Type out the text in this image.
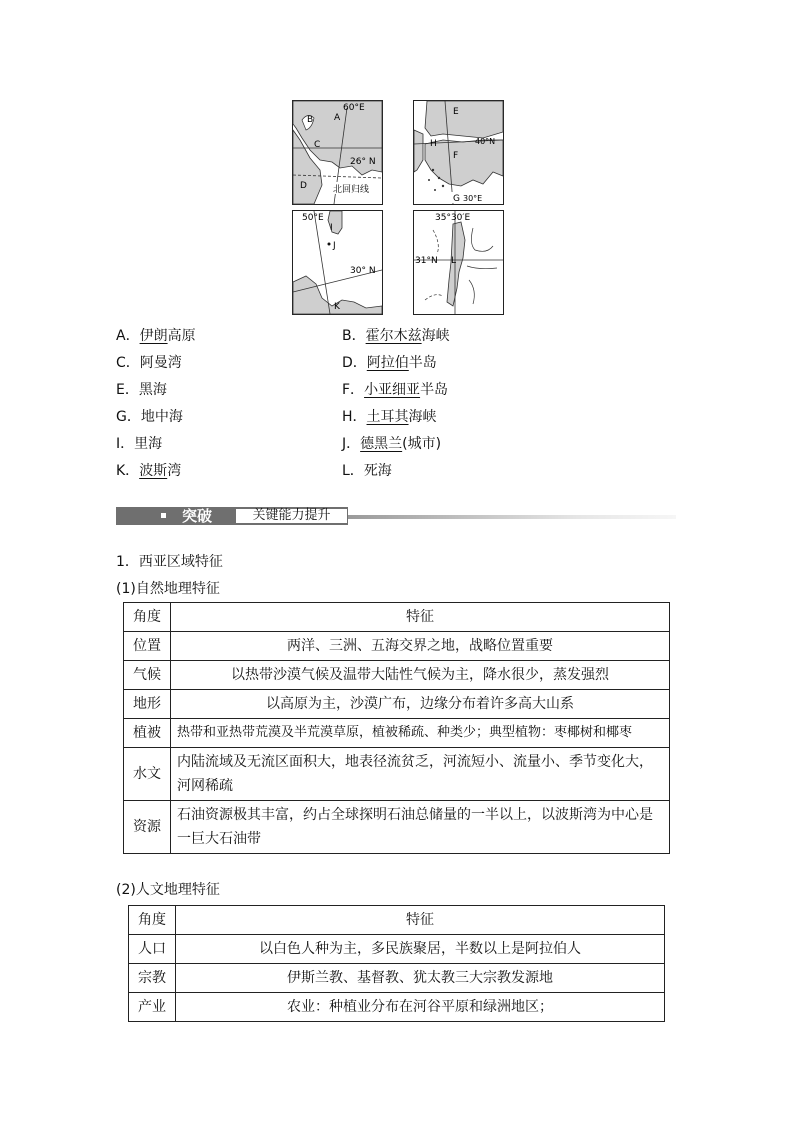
60°E
A
B
C
D
26° N
北回归线
E
H
F
40°N
G 30°E
50°E
I
J
30° N
K
35°30′E
31°N L
A．伊朗高原	B．霍尔木兹海峡
C．阿曼湾	D．阿拉伯半岛
E．黑海	F．小亚细亚半岛
G．地中海	H．土耳其海峡
I．里海	J．德黑兰(城市)
K．波斯湾	L．死海
突破	关键能力提升
1．西亚区域特征
(1)自然地理特征
角度	特征
位置	两洋、三洲、五海交界之地，战略位置重要
气候	以热带沙漠气候及温带大陆性气候为主，降水很少，蒸发强烈
地形	以高原为主，沙漠广布，边缘分布着许多高大山系
植被	热带和亚热带荒漠及半荒漠草原，植被稀疏、种类少；典型植物：枣椰树和椰枣
水文	内陆流域及无流区面积大，地表径流贫乏，河流短小、流量小、季节变化大，河网稀疏
资源	石油资源极其丰富，约占全球探明石油总储量的一半以上，以波斯湾为中心是一巨大石油带
(2)人文地理特征
角度	特征
人口	以白色人种为主，多民族聚居，半数以上是阿拉伯人
宗教	伊斯兰教、基督教、犹太教三大宗教发源地
产业	农业：种植业分布在河谷平原和绿洲地区；
